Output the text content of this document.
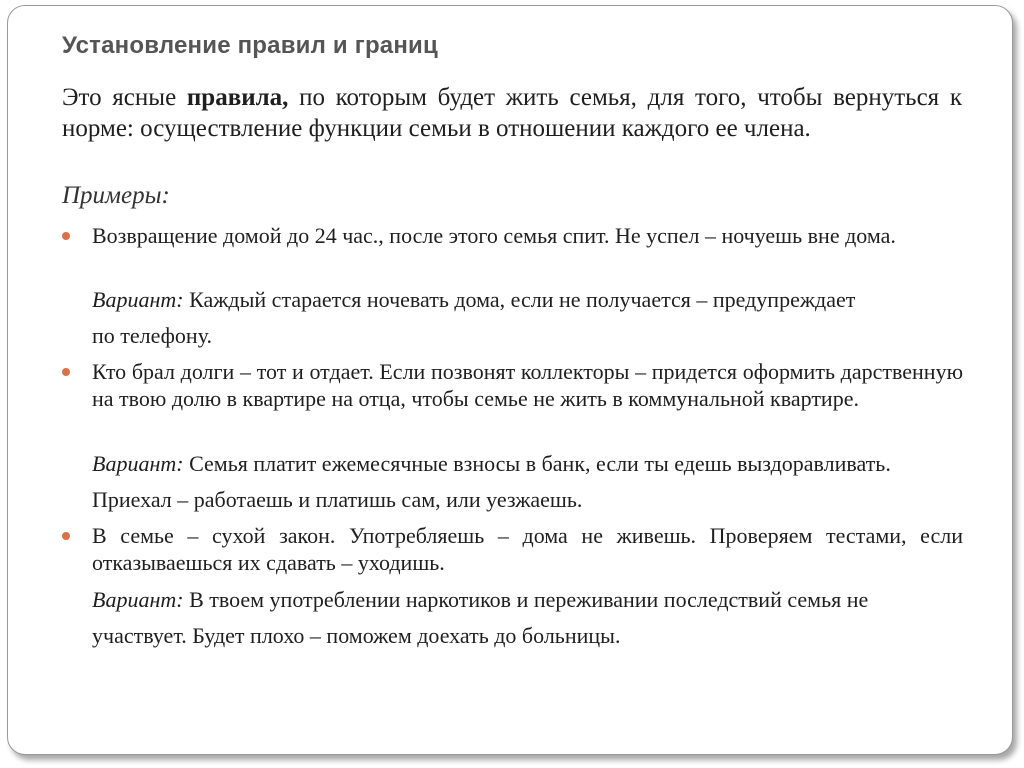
Установление правил и границ
Это ясные правила, по которым будет жить семья, для того, чтобы вернуться к норме: осуществление функции семьи в отношении каждого ее члена.
Примеры:
Возвращение домой до 24 час., после этого семья спит. Не успел – ночуешь вне дома.
Вариант: Каждый старается ночевать дома, если не получается – предупреждает по телефону.
Кто брал долги – тот и отдает. Если позвонят коллекторы – придется оформить дарственную на твою долю в квартире на отца, чтобы семье не жить в коммунальной квартире.
Вариант: Семья платит ежемесячные взносы в банк, если ты едешь выздоравливать. Приехал – работаешь и платишь сам, или уезжаешь.
В семье – сухой закон. Употребляешь – дома не живешь. Проверяем тестами, если отказываешься их сдавать – уходишь.
Вариант: В твоем употреблении наркотиков и переживании последствий семья не участвует. Будет плохо – поможем доехать до больницы.
